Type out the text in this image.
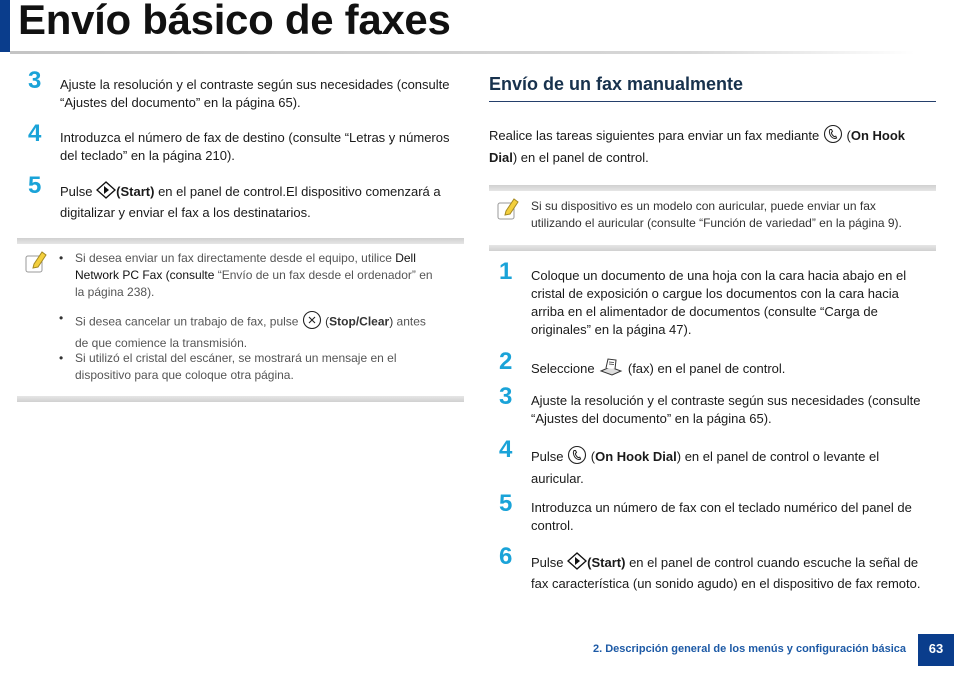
Envío básico de faxes
3	Ajuste la resolución y el contraste según sus necesidades (consulte
“Ajustes del documento” en la página 65).
4	Introduzca el número de fax de destino (consulte “Letras y números
del teclado” en la página 210).
5	Pulse (Start) en el panel de control.El dispositivo comenzará a
digitalizar y enviar el fax a los destinatarios.
• Si desea enviar un fax directamente desde el equipo, utilice Dell
Network PC Fax (consulte “Envío de un fax desde el ordenador” en
la página 238).
• Si desea cancelar un trabajo de fax, pulse  (Stop/Clear) antes
de que comience la transmisión.
• Si utilizó el cristal del escáner, se mostrará un mensaje en el
dispositivo para que coloque otra página.
Envío de un fax manualmente
Realice las tareas siguientes para enviar un fax mediante  (On Hook
Dial) en el panel de control.
Si su dispositivo es un modelo con auricular, puede enviar un fax
utilizando el auricular (consulte “Función de variedad” en la página 9).
1	Coloque un documento de una hoja con la cara hacia abajo en el
cristal de exposición o cargue los documentos con la cara hacia
arriba en el alimentador de documentos (consulte “Carga de
originales” en la página 47).
2	Seleccione	(fax) en el panel de control.
3	Ajuste la resolución y el contraste según sus necesidades (consulte
“Ajustes del documento” en la página 65).
4	Pulse  (On Hook Dial) en el panel de control o levante el
auricular.
5	Introduzca un número de fax con el teclado numérico del panel de
control.
6	Pulse (Start) en el panel de control cuando escuche la señal de
fax característica (un sonido agudo) en el dispositivo de fax remoto.
2. Descripción general de los menús y configuración básica	63
